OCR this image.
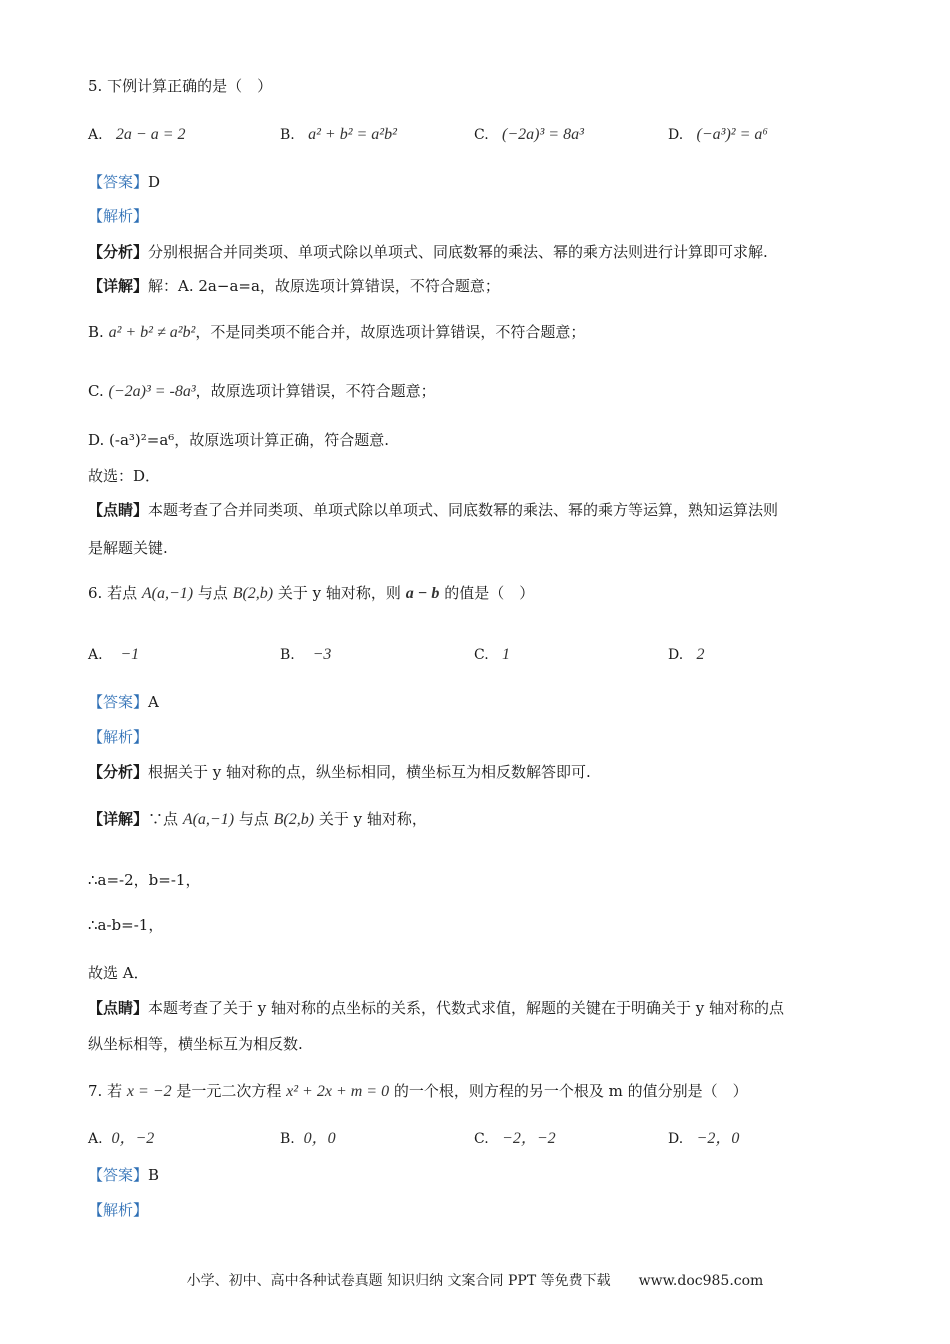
5. 下例计算正确的是（　）
A. 2a − a = 2	B. a² + b² = a²b²	C. (−2a)³ = 8a³	D. (−a³)² = a⁶
【答案】D
【解析】
【分析】分别根据合并同类项、单项式除以单项式、同底数幂的乘法、幂的乘方法则进行计算即可求解.
【详解】解：A. 2a−a=a，故原选项计算错误，不符合题意；
B. a² + b² ≠ a²b²，不是同类项不能合并，故原选项计算错误，不符合题意；
C. (−2a)³ = -8a³，故原选项计算错误，不符合题意；
D. (-a³)²=a⁶，故原选项计算正确，符合题意.
故选：D．
【点睛】本题考查了合并同类项、单项式除以单项式、同底数幂的乘法、幂的乘方等运算，熟知运算法则
是解题关键.
6. 若点 A(a,−1) 与点 B(2,b) 关于 y 轴对称，则 a − b 的值是（　）
A. −1	B. −3	C. 1	D. 2
【答案】A
【解析】
【分析】根据关于 y 轴对称的点，纵坐标相同，横坐标互为相反数解答即可.
【详解】∵点 A(a,−1) 与点 B(2,b) 关于 y 轴对称，
∴a=-2，b=-1，
∴a-b=-1，
故选 A．
【点睛】本题考查了关于 y 轴对称的点坐标的关系，代数式求值，解题的关键在于明确关于 y 轴对称的点
纵坐标相等，横坐标互为相反数.
7. 若 x = −2 是一元二次方程 x² + 2x + m = 0 的一个根，则方程的另一个根及 m 的值分别是（　）
A. 0，−2	B. 0，0	C. −2，−2	D. −2，0
【答案】B
【解析】
小学、初中、高中各种试卷真题 知识归纳 文案合同 PPT 等免费下载　　www.doc985.com
